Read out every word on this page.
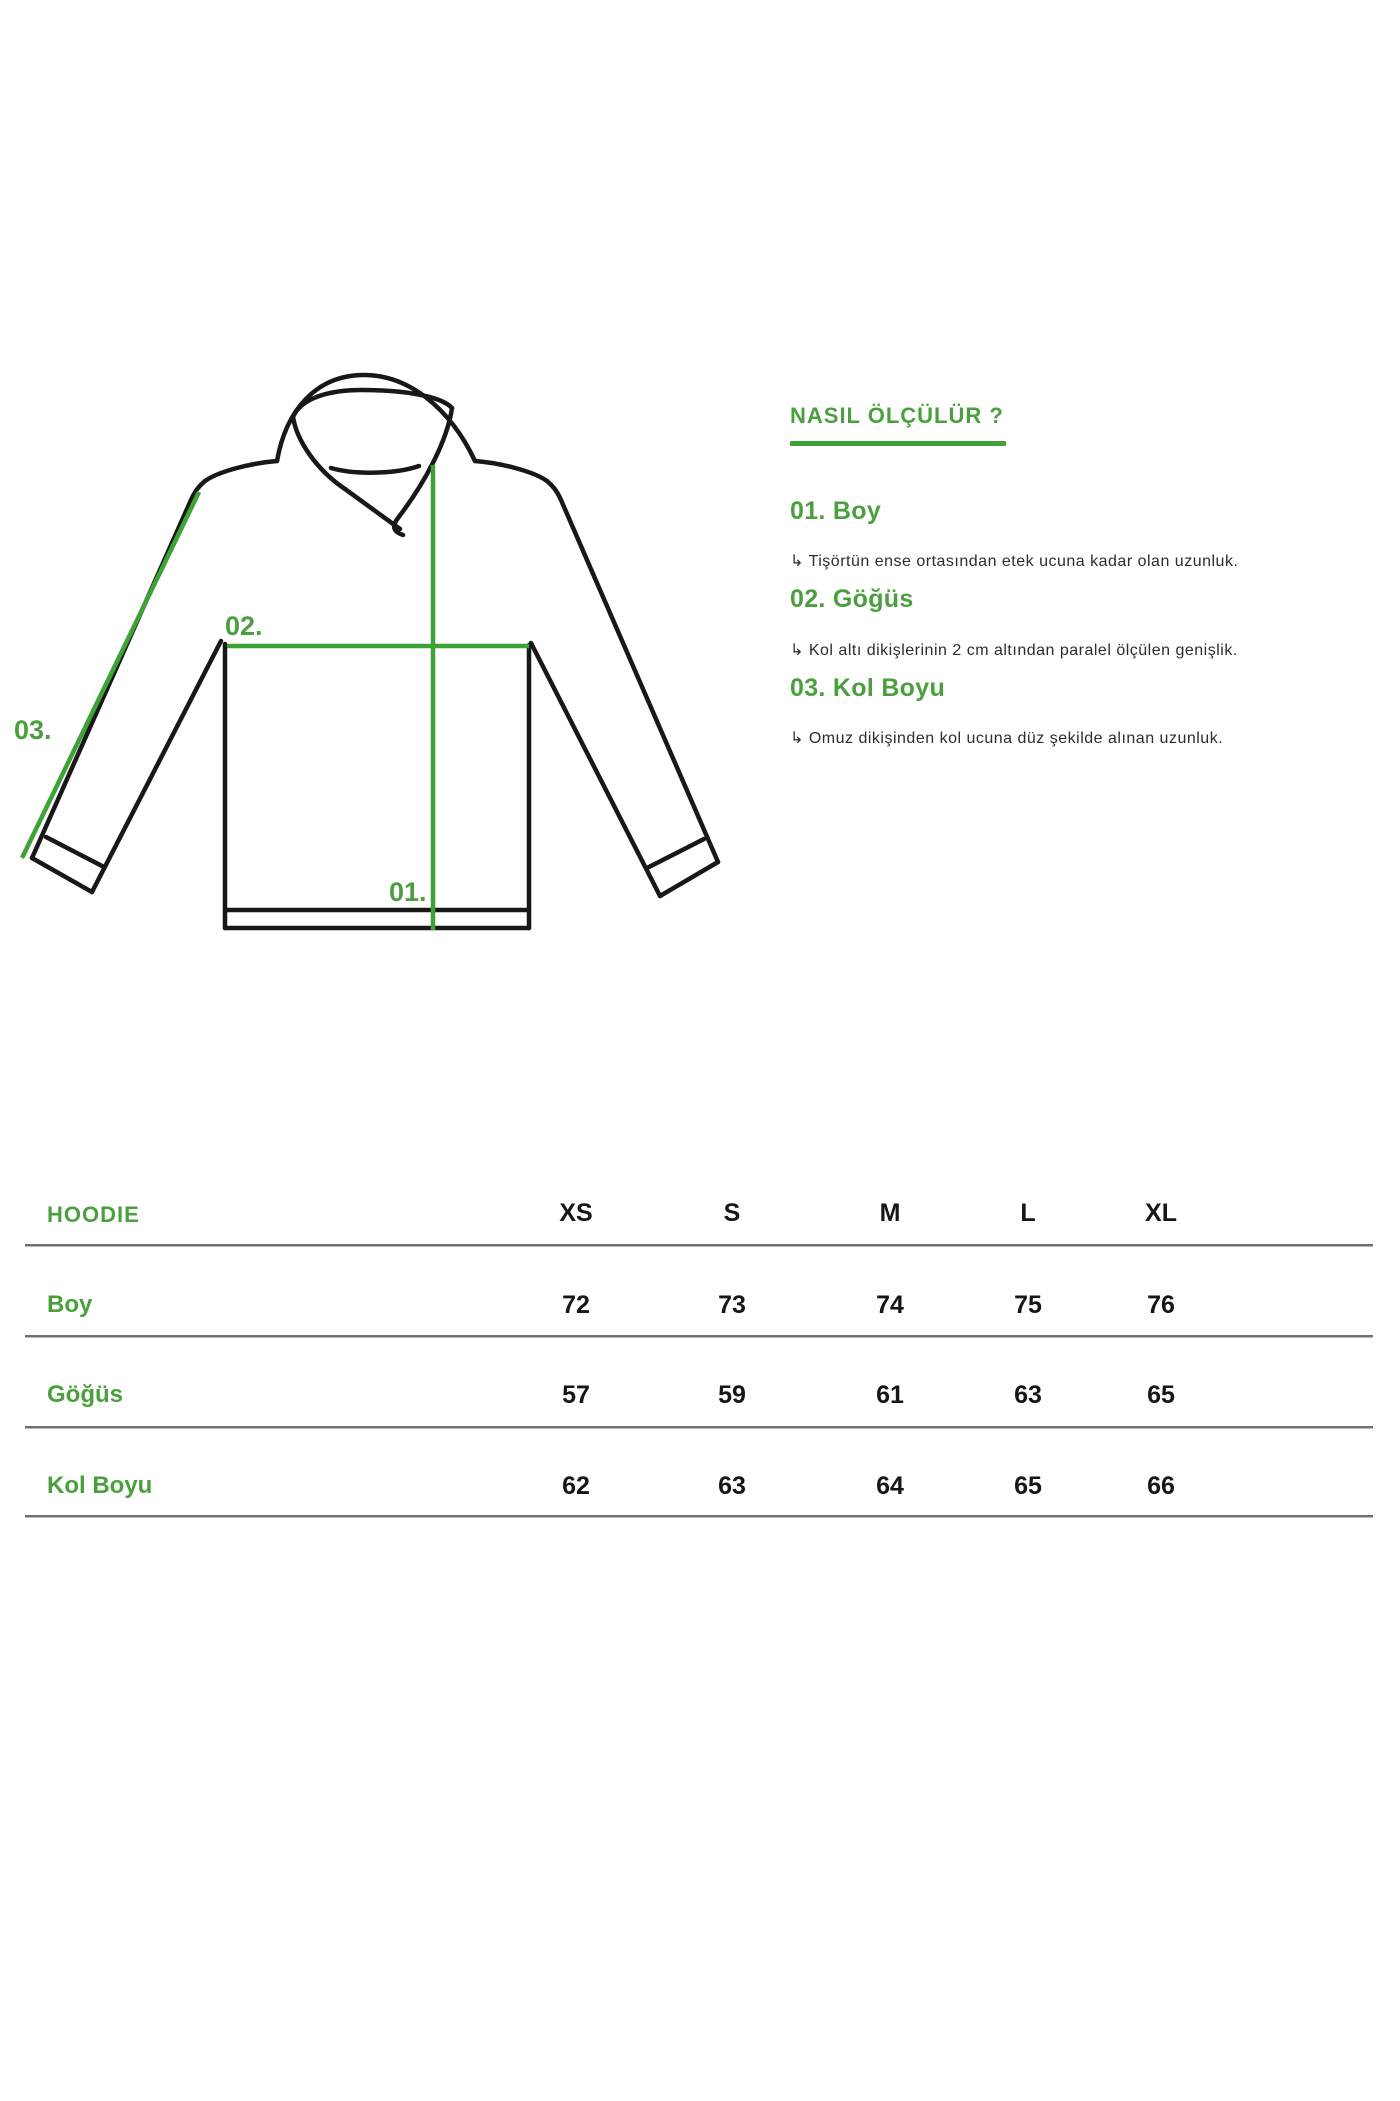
02.
03.
01.
NASIL ÖLÇÜLÜR ?
01. Boy
↳ Tişörtün ense ortasından etek ucuna kadar olan uzunluk.
02. Göğüs
↳ Kol altı dikişlerinin 2 cm altından paralel ölçülen genişlik.
03. Kol Boyu
↳ Omuz dikişinden kol ucuna düz şekilde alınan uzunluk.
HOODIE	XS	S	M	L	XL
Boy	72	73	74	75	76
Göğüs	57	59	61	63	65
Kol Boyu	62	63	64	65	66
